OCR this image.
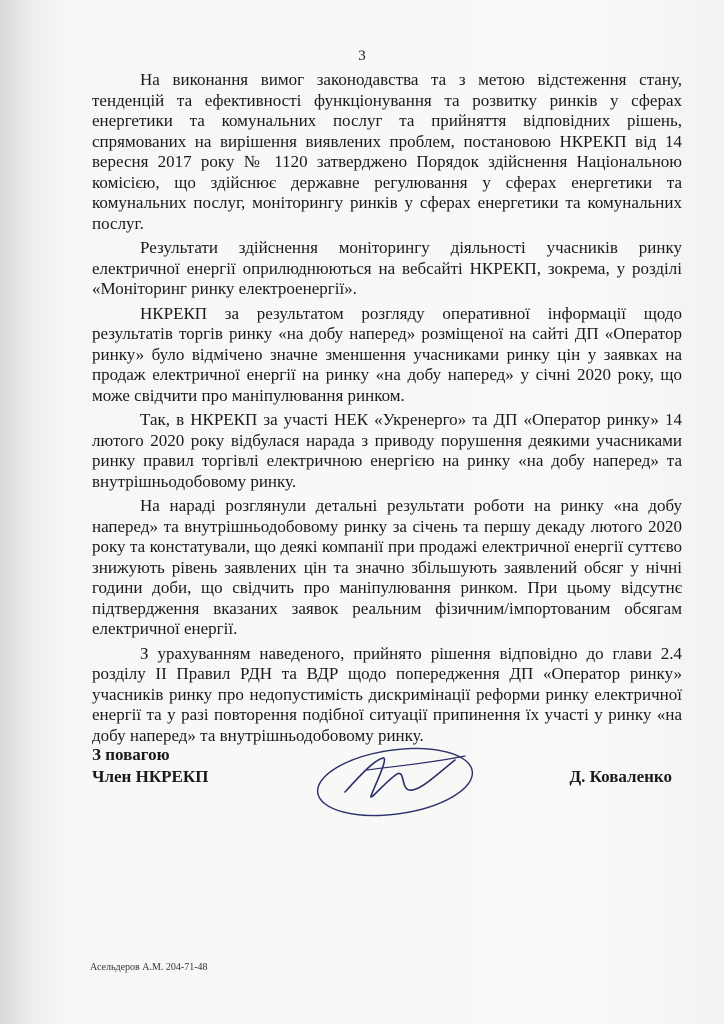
3

На виконання вимог законодавства та з метою відстеження стану, тенденцій та ефективності функціонування та розвитку ринків у сферах енергетики та комунальних послуг та прийняття відповідних рішень, спрямованих на вирішення виявлених проблем, постановою НКРЕКП від 14 вересня 2017 року № 1120 затверджено Порядок здійснення Національною комісією, що здійснює державне регулювання у сферах енергетики та комунальних послуг, моніторингу ринків у сферах енергетики та комунальних послуг.

Результати здійснення моніторингу діяльності учасників ринку електричної енергії оприлюднюються на вебсайті НКРЕКП, зокрема, у розділі «Моніторинг ринку електроенергії».

НКРЕКП за результатом розгляду оперативної інформації щодо результатів торгів ринку «на добу наперед» розміщеної на сайті ДП «Оператор ринку» було відмічено значне зменшення учасниками ринку цін у заявках на продаж електричної енергії на ринку «на добу наперед» у січні 2020 року, що може свідчити про маніпулювання ринком.

Так, в НКРЕКП за участі НЕК «Укренерго» та ДП «Оператор ринку» 14 лютого 2020 року відбулася нарада з приводу порушення деякими учасниками ринку правил торгівлі електричною енергією на ринку «на добу наперед» та внутрішньодобовому ринку.

На нараді розглянули детальні результати роботи на ринку «на добу наперед» та внутрішньодобовому ринку за січень та першу декаду лютого 2020 року та констатували, що деякі компанії при продажі електричної енергії суттєво знижують рівень заявлених цін та значно збільшують заявлений обсяг у нічні години доби, що свідчить про маніпулювання ринком. При цьому відсутнє підтвердження вказаних заявок реальним фізичним/імпортованим обсягам електричної енергії.

З урахуванням наведеного, прийнято рішення відповідно до глави 2.4 розділу ІІ Правил РДН та ВДР щодо попередження ДП «Оператор ринку» учасників ринку про недопустимість дискримінації реформи ринку електричної енергії та у разі повторення подібної ситуації припинення їх участі у ринку «на добу наперед» та внутрішньодобовому ринку.

З повагою
Член НКРЕКП	Д. Коваленко
Асельдеров А.М. 204-71-48
